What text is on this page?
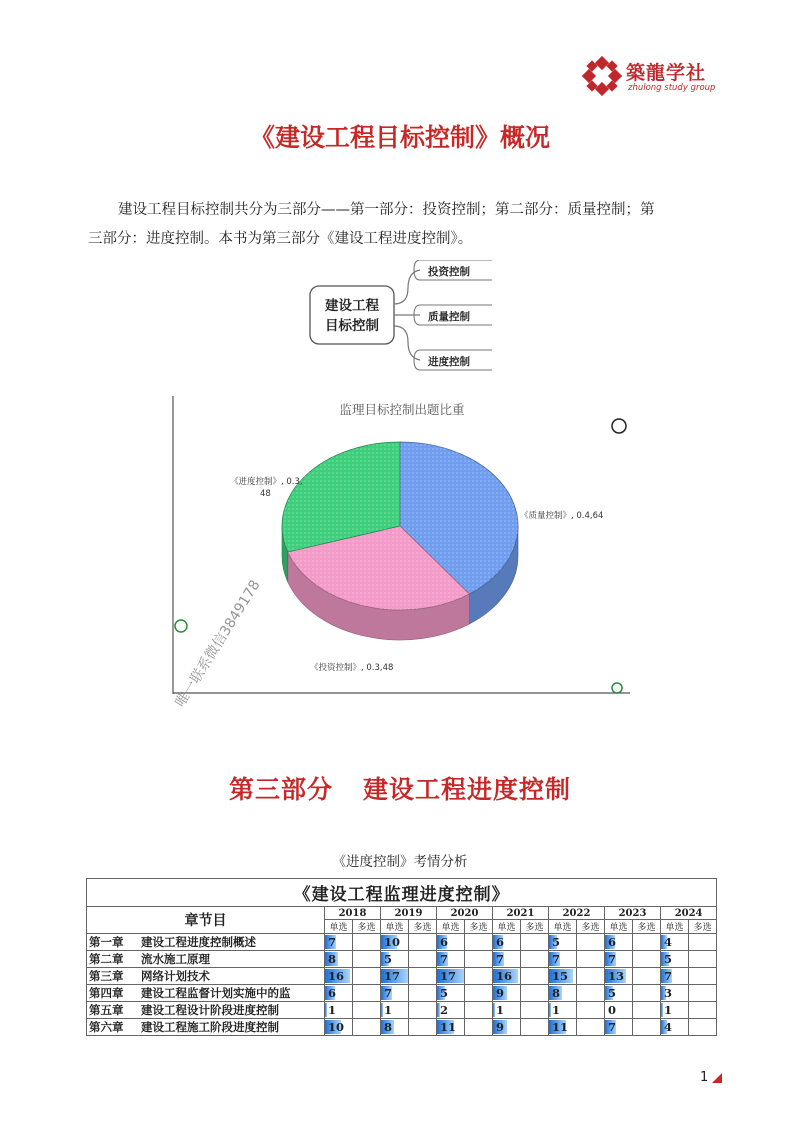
築龍学社
zhulong study group
《建设工程目标控制》概况
建设工程目标控制共分为三部分——第一部分：投资控制；第二部分：质量控制；第
三部分：进度控制。本书为第三部分《建设工程进度控制》。
建设工程
目标控制
投资控制
质量控制
进度控制
监理目标控制出题比重
《进度控制》, 0.3,
48
《质量控制》, 0.4,64
《投资控制》, 0.3,48
唯一联系微信3849178
第三部分 建设工程进度控制
《进度控制》考情分析
《建设工程监理进度控制》														
章节目	2018		2019		2020		2021		2022		2023		2024	
	单选	多选	单选	多选	单选	多选	单选	多选	单选	多选	单选	多选	单选	多选
第一章 建设工程进度控制概述	7		10		6		6		5		6		4	
第二章 流水施工原理	8		5		7		7		7		7		5	
第三章 网络计划技术	16		17		17		16		15		13		7	
第四章 建设工程监督计划实施中的监	6		7		5		9		8		5		3	
第五章 建设工程设计阶段进度控制	1		1		2		1		1		0		1	
第六章 建设工程施工阶段进度控制	10		8		11		9		11		7		4	
1
